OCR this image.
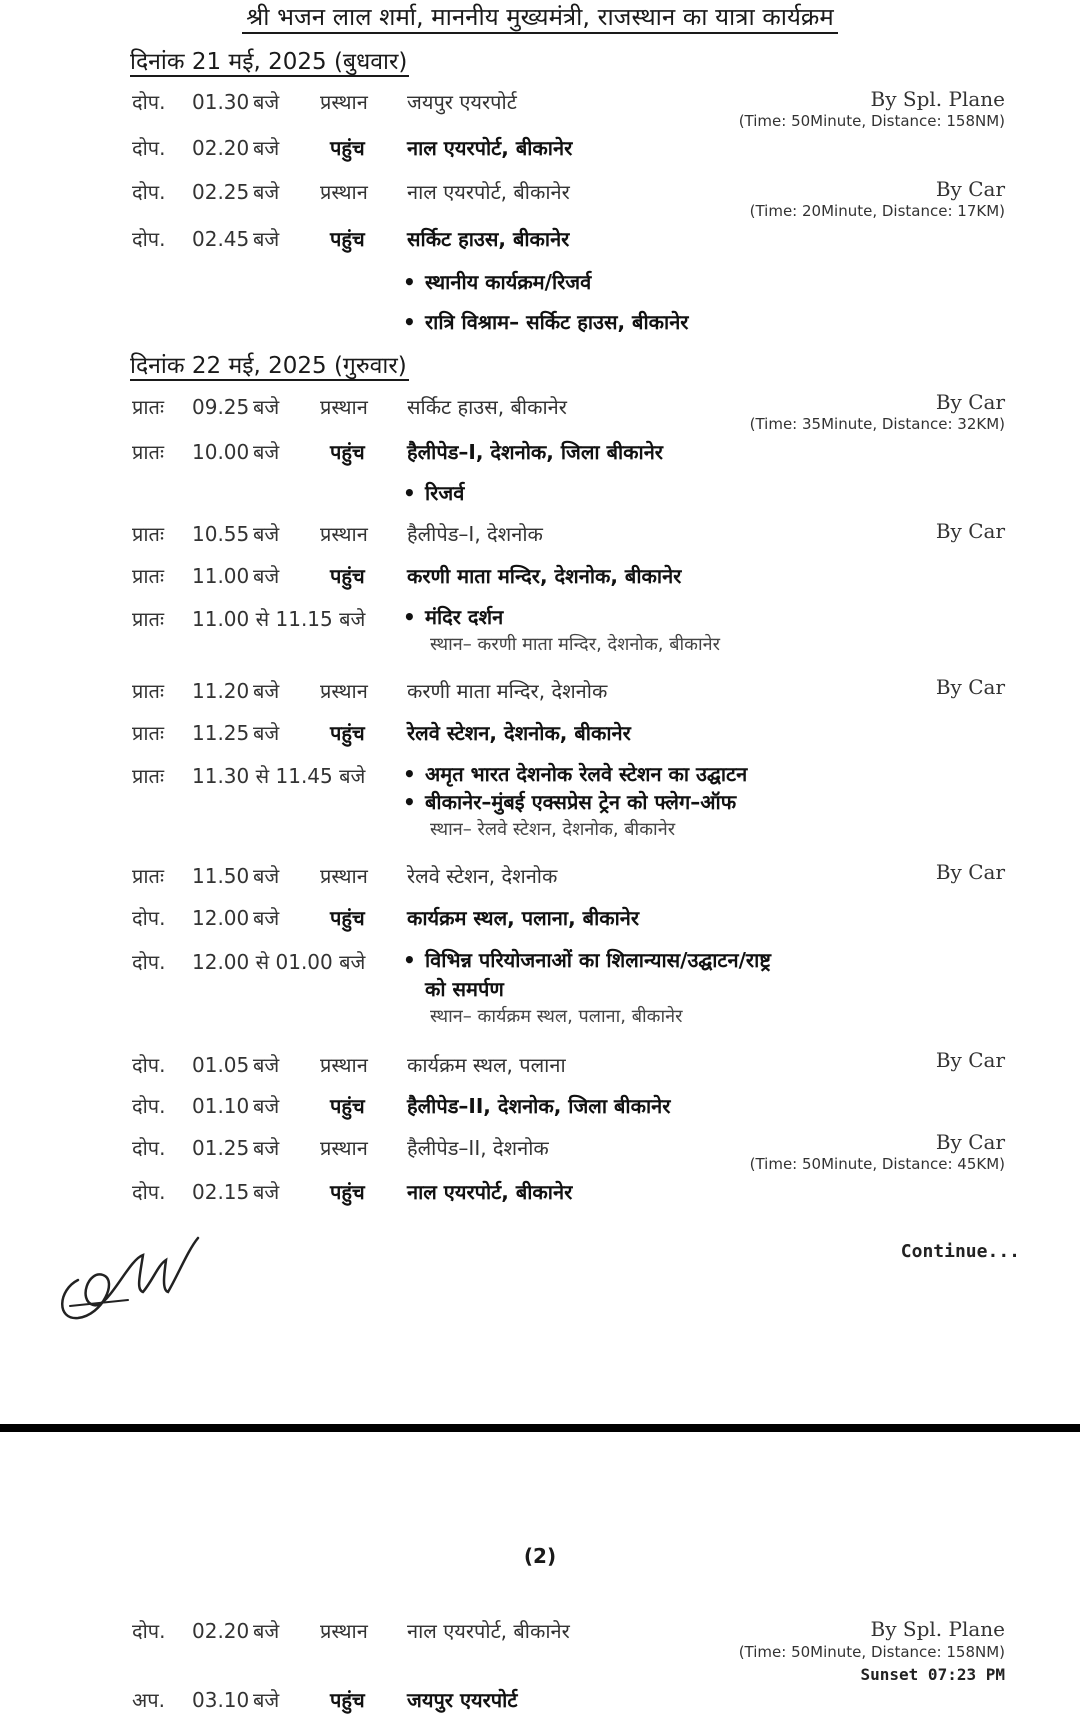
श्री भजन लाल शर्मा, माननीय मुख्यमंत्री, राजस्थान का यात्रा कार्यक्रम
दिनांक 21 मई, 2025 (बुधवार)
दोप. 01.30 बजे प्रस्थान जयपुर एयरपोर्ट	By Spl. Plane
(Time: 50Minute, Distance: 158NM)
दोप. 02.20 बजे	पहुंच नाल एयरपोर्ट, बीकानेर
दोप. 02.25 बजे प्रस्थान नाल एयरपोर्ट, बीकानेर	By Car
(Time: 20Minute, Distance: 17KM)
दोप. 02.45 बजे	पहुंच सर्किट हाउस, बीकानेर
• स्थानीय कार्यक्रम/रिजर्व
• रात्रि विश्राम– सर्किट हाउस, बीकानेर
दिनांक 22 मई, 2025 (गुरुवार)
प्रातः 09.25 बजे प्रस्थान सर्किट हाउस, बीकानेर	By Car
(Time: 35Minute, Distance: 32KM)
प्रातः 10.00 बजे	पहुंच हैलीपेड–I, देशनोक, जिला बीकानेर
• रिजर्व
प्रातः 10.55 बजे प्रस्थान हैलीपेड–I, देशनोक	By Car
प्रातः 11.00 बजे	पहुंच करणी माता मन्दिर, देशनोक, बीकानेर
प्रातः 11.00 से 11.15 बजे • मंदिर दर्शन
स्थान– करणी माता मन्दिर, देशनोक, बीकानेर
प्रातः 11.20 बजे प्रस्थान करणी माता मन्दिर, देशनोक	By Car
प्रातः 11.25 बजे	पहुंच रेलवे स्टेशन, देशनोक, बीकानेर
प्रातः 11.30 से 11.45 बजे • अमृत भारत देशनोक रेलवे स्टेशन का उद्घाटन
• बीकानेर–मुंबई एक्सप्रेस ट्रेन को फ्लेग–ऑफ
स्थान– रेलवे स्टेशन, देशनोक, बीकानेर
प्रातः 11.50 बजे प्रस्थान रेलवे स्टेशन, देशनोक	By Car
दोप. 12.00 बजे	पहुंच कार्यक्रम स्थल, पलाना, बीकानेर
दोप. 12.00 से 01.00 बजे • विभिन्न परियोजनाओं का शिलान्यास/उद्घाटन/राष्ट्र
को समर्पण
स्थान– कार्यक्रम स्थल, पलाना, बीकानेर
दोप. 01.05 बजे प्रस्थान कार्यक्रम स्थल, पलाना	By Car
दोप. 01.10 बजे	पहुंच हैलीपेड–II, देशनोक, जिला बीकानेर
दोप. 01.25 बजे प्रस्थान हैलीपेड–II, देशनोक	By Car
(Time: 50Minute, Distance: 45KM)
दोप. 02.15 बजे	पहुंच नाल एयरपोर्ट, बीकानेर
Continue...
(2)
दोप. 02.20 बजे प्रस्थान नाल एयरपोर्ट, बीकानेर	By Spl. Plane
(Time: 50Minute, Distance: 158NM)
Sunset 07:23 PM
अप. 03.10 बजे	पहुंच जयपुर एयरपोर्ट
